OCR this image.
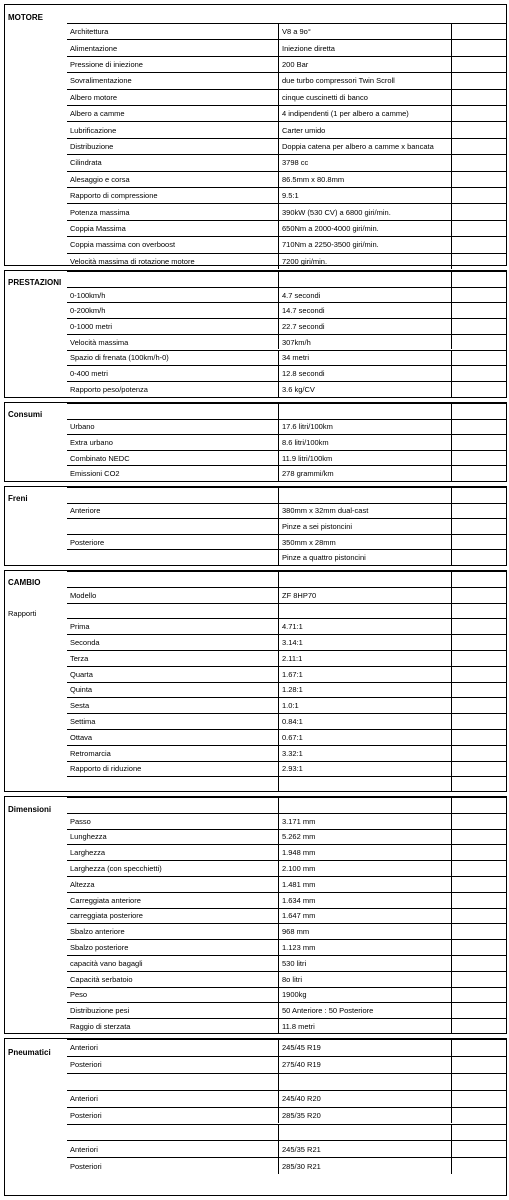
MOTORE
Architettura	V8 a 9o°
Alimentazione	Iniezione diretta
Pressione di iniezione	200 Bar
Sovralimentazione	due turbo compressori Twin Scroll
Albero motore	cinque cuscinetti di banco
Albero a camme	4 indipendenti (1 per albero a camme)
Lubrificazione	Carter umido
Distribuzione	Doppia catena per albero a camme x bancata
Cilindrata	3798 cc
Alesaggio e corsa	86.5mm x 80.8mm
Rapporto di compressione	9.5:1
Potenza massima	390kW (530 CV) a 6800 giri/min.
Coppia Massima	650Nm a 2000-4000 giri/min.
Coppia massima con overboost	710Nm a 2250-3500 giri/min.
Velocità massima di rotazione motore	7200 giri/min.
PRESTAZIONI
0-100km/h	4.7 secondi
0-200km/h	14.7 secondi
0-1000 metri	22.7 secondi
Velocità massima	307km/h
Spazio di frenata (100km/h-0)	34 metri
0-400 metri	12.8 secondi
Rapporto peso/potenza	3.6 kg/CV
Consumi
Urbano	17.6 litri/100km
Extra urbano	8.6 litri/100km
Combinato NEDC	11.9 litri/100km
Emissioni CO2	278 grammi/km
Freni
Anteriore	380mm x 32mm dual-cast
Pinze a sei pistoncini
Posteriore	350mm x 28mm
Pinze a quattro pistoncini
CAMBIO
Rapporti
Modello	ZF 8HP70
Prima	4.71:1
Seconda	3.14:1
Terza	2.11:1
Quarta	1.67:1
Quinta	1.28:1
Sesta	1.0:1
Settima	0.84:1
Ottava	0.67:1
Retromarcia	3.32:1
Rapporto di riduzione	2.93:1
Dimensioni
Passo	3.171 mm
Lunghezza	5.262 mm
Larghezza	1.948 mm
Larghezza (con specchietti)	2.100 mm
Altezza	1.481 mm
Carreggiata anteriore	1.634 mm
carreggiata posteriore	1.647 mm
Sbalzo anteriore	968 mm
Sbalzo posteriore	1.123 mm
capacità vano bagagli	530 litri
Capacità serbatoio	8o litri
Peso	1900kg
Distribuzione pesi	50 Anteriore : 50 Posteriore
Raggio di sterzata	11.8 metri
Pneumatici
Anteriori	245/45 R19
Posteriori	275/40 R19
Anteriori	245/40 R20
Posteriori	285/35 R20
Anteriori	245/35 R21
Posteriori	285/30 R21
